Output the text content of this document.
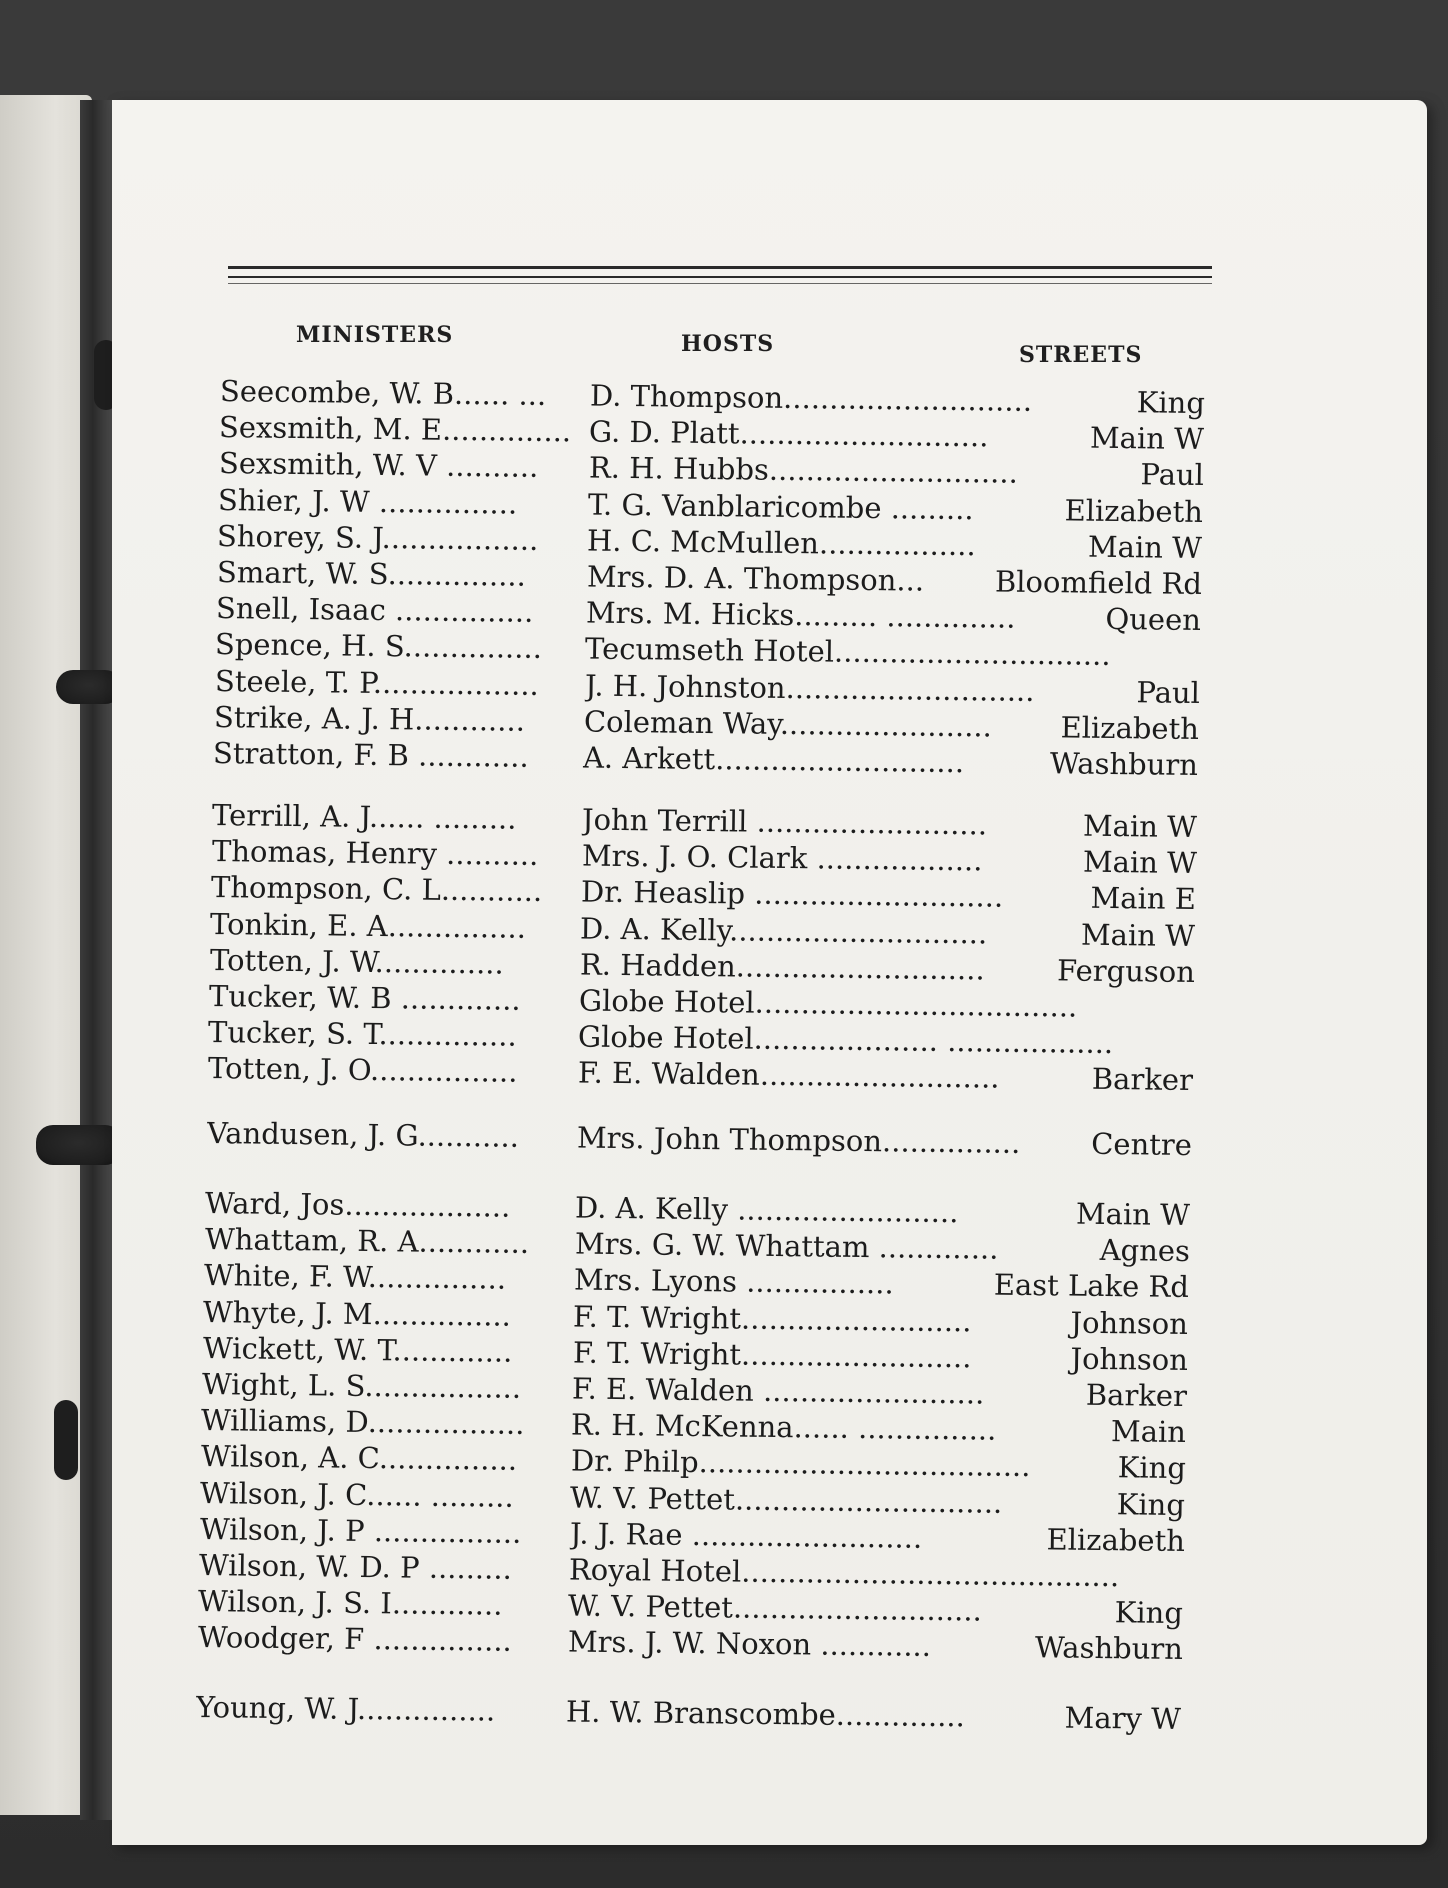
MINISTERS	HOSTS	STREETS
Seecombe, W. B...... ... D. Thompson...........................	King
Sexsmith, M. E.............. G. D. Platt...........................	Main W
Sexsmith, W. V .......... R. H. Hubbs...........................	Paul
Shier, J. W ............... T. G. Vanblaricombe .........	Elizabeth
Shorey, S. J................. H. C. McMullen.................	Main W
Smart, W. S............... Mrs. D. A. Thompson... Bloomfield Rd
Snell, Isaac ............... Mrs. M. Hicks......... ..............	Queen
Spence, H. S............... Tecumseth Hotel..............................
Steele, T. P.................. J. H. Johnston...........................	Paul
Strike, A. J. H............ Coleman Way....................... Elizabeth
Stratton, F. B ............ A. Arkett...........................	Washburn
Terrill, A. J...... ......... John Terrill .........................	Main W
Thomas, Henry .......... Mrs. J. O. Clark ..................	Main W
Thompson, C. L........... Dr. Heaslip ...........................	Main E
Tonkin, E. A............... D. A. Kelly............................	Main W
Totten, J. W..............	R. Hadden........................... Ferguson
Tucker, W. B ............. Globe Hotel...................................
Tucker, S. T............... Globe Hotel.................... ..................
Totten, J. O................ F. E. Walden..........................	Barker
Vandusen, J. G........... Mrs. John Thompson............... Centre
Ward, Jos.................. D. A. Kelly ........................	Main W
Whattam, R. A............ Mrs. G. W. Whattam .............	Agnes
White, F. W............... Mrs. Lyons ................	East Lake Rd
Whyte, J. M............... F. T. Wright.........................	Johnson
Wickett, W. T............. F. T. Wright.........................	Johnson
Wight, L. S................. F. E. Walden ........................	Barker
Williams, D................. R. H. McKenna...... ...............	Main
Wilson, A. C............... Dr. Philp....................................	King
Wilson, J. C...... ......... W. V. Pettet.............................	King
Wilson, J. P ................ J. J. Rae .........................	Elizabeth
Wilson, W. D. P ......... Royal Hotel.........................................
Wilson, J. S. I............ W. V. Pettet...........................	King
Woodger, F ............... Mrs. J. W. Noxon ............	Washburn
Young, W. J............... H. W. Branscombe..............	Mary W
